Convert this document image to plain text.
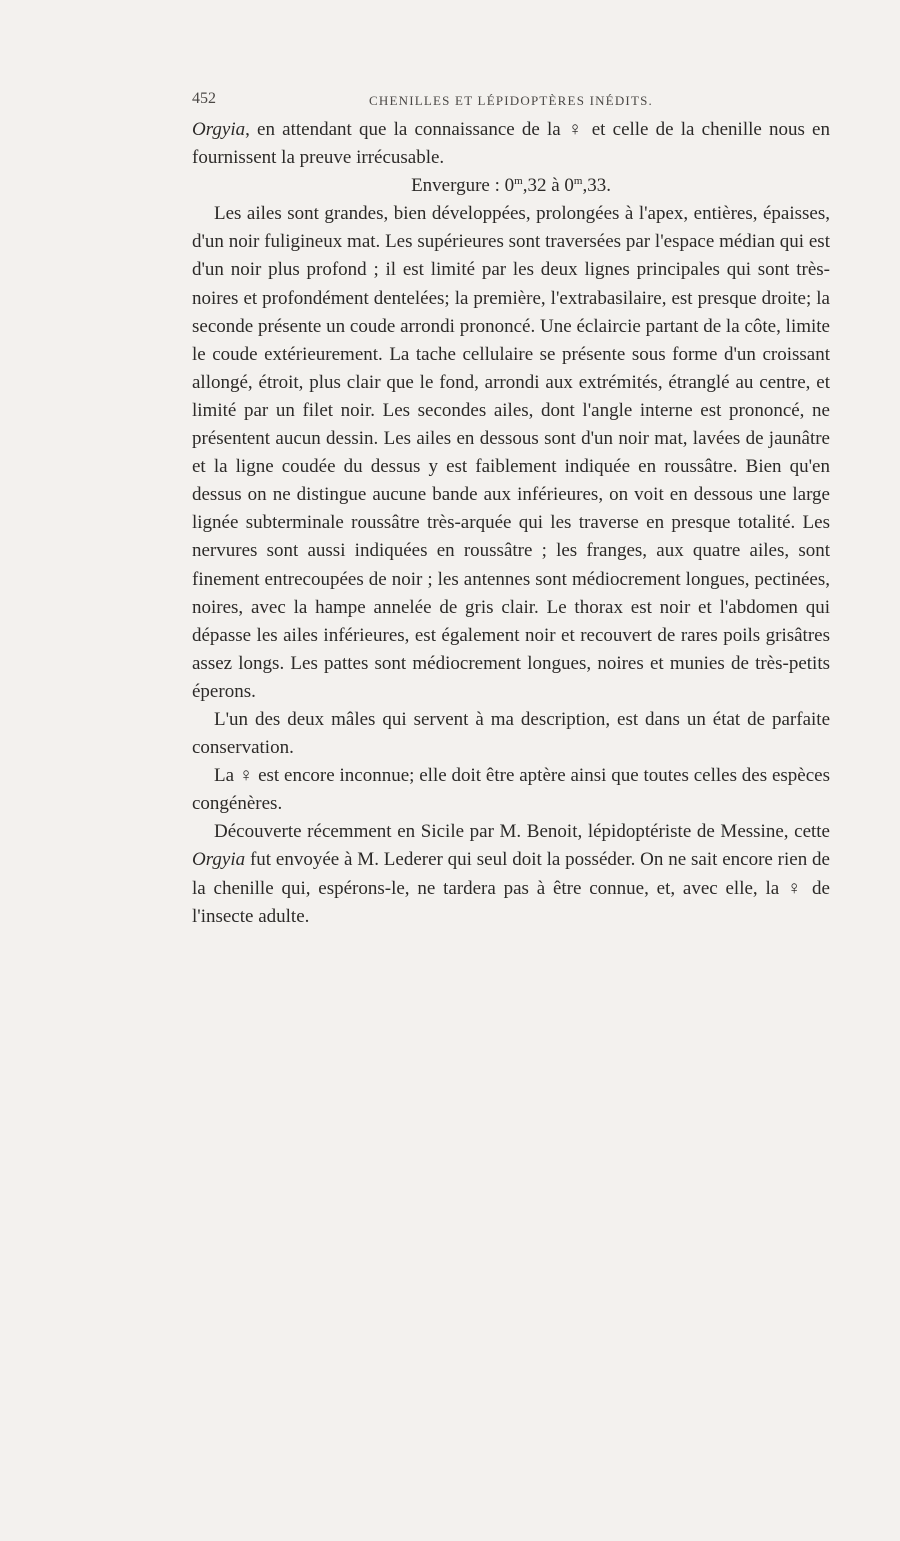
452	CHENILLES ET LÉPIDOPTÈRES INÉDITS.

Orgyia, en attendant que la connaissance de la ♀ et celle de la chenille nous en fournissent la preuve irrécusable.

Envergure : 0$^m$,32 à 0$^m$,33.

Les ailes sont grandes, bien développées, prolongées à l'apex, entières, épaisses, d'un noir fuligineux mat. Les supérieures sont traversées par l'espace médian qui est d'un noir plus profond ; il est limité par les deux lignes principales qui sont très-noires et profondément dentelées; la première, l'extrabasilaire, est presque droite; la seconde présente un coude arrondi prononcé. Une éclaircie partant de la côte, limite le coude extérieurement. La tache cellulaire se présente sous forme d'un croissant allongé, étroit, plus clair que le fond, arrondi aux extrémités, étranglé au centre, et limité par un filet noir. Les secondes ailes, dont l'angle interne est prononcé, ne présentent aucun dessin. Les ailes en dessous sont d'un noir mat, lavées de jaunâtre et la ligne coudée du dessus y est faiblement indiquée en roussâtre. Bien qu'en dessus on ne distingue aucune bande aux inférieures, on voit en dessous une large lignée subterminale roussâtre très-arquée qui les traverse en presque totalité. Les nervures sont aussi indiquées en roussâtre ; les franges, aux quatre ailes, sont finement entrecoupées de noir ; les antennes sont médiocrement longues, pectinées, noires, avec la hampe annelée de gris clair. Le thorax est noir et l'abdomen qui dépasse les ailes inférieures, est également noir et recouvert de rares poils grisâtres assez longs. Les pattes sont médiocrement longues, noires et munies de très-petits éperons.

L'un des deux mâles qui servent à ma description, est dans un état de parfaite conservation.

La ♀ est encore inconnue; elle doit être aptère ainsi que toutes celles des espèces congénères.

Découverte récemment en Sicile par M. Benoit, lépidoptériste de Messine, cette Orgyia fut envoyée à M. Lederer qui seul doit la posséder. On ne sait encore rien de la chenille qui, espérons-le, ne tardera pas à être connue, et, avec elle, la ♀ de l'insecte adulte.
